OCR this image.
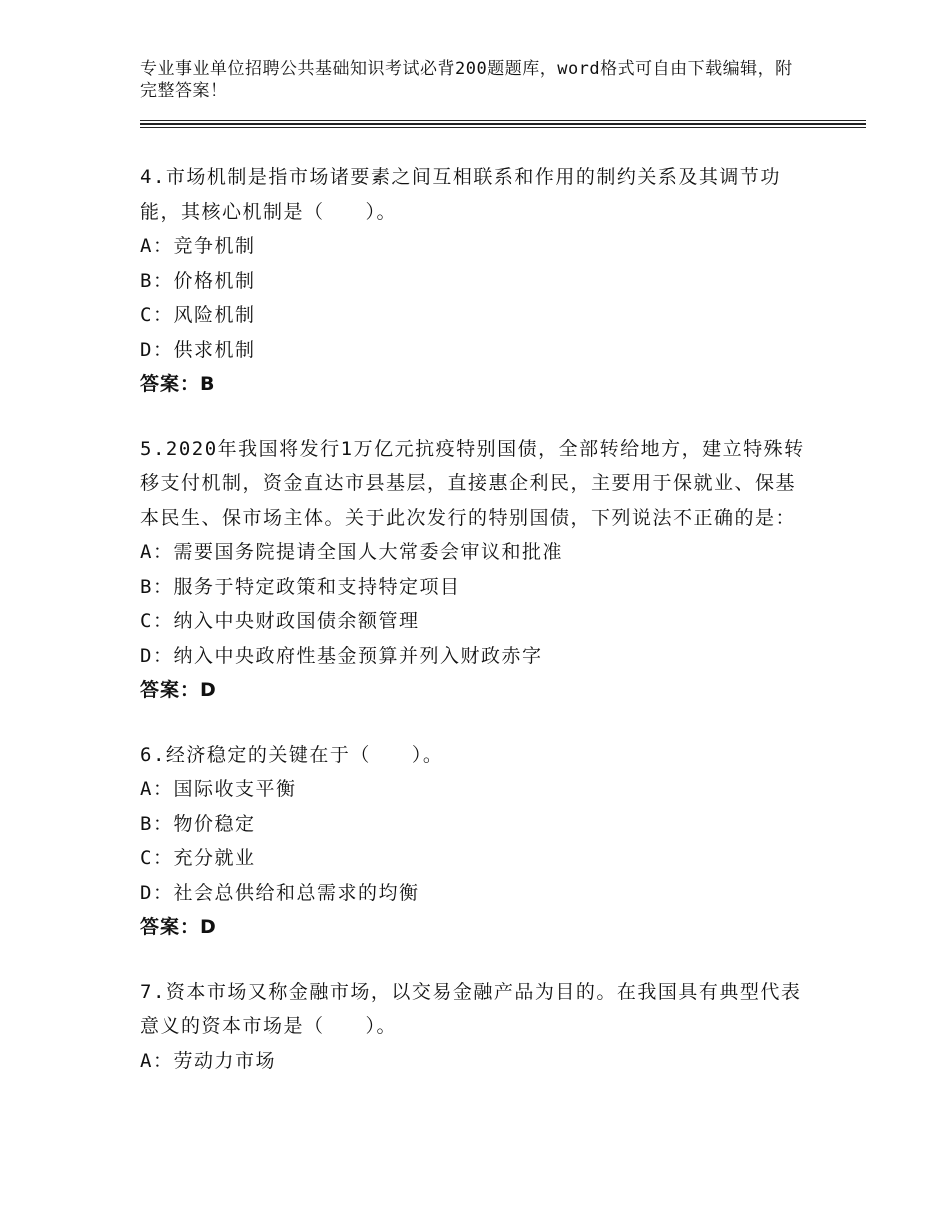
专业事业单位招聘公共基础知识考试必背200题题库，word格式可自由下载编辑，附完整答案！
4.市场机制是指市场诸要素之间互相联系和作用的制约关系及其调节功能，其核心机制是（　　）。
A：竞争机制
B：价格机制
C：风险机制
D：供求机制
答案：B
5.2020年我国将发行1万亿元抗疫特别国债，全部转给地方，建立特殊转移支付机制，资金直达市县基层，直接惠企利民，主要用于保就业、保基本民生、保市场主体。关于此次发行的特别国债，下列说法不正确的是：
A：需要国务院提请全国人大常委会审议和批准
B：服务于特定政策和支持特定项目
C：纳入中央财政国债余额管理
D：纳入中央政府性基金预算并列入财政赤字
答案：D
6.经济稳定的关键在于（　　）。
A：国际收支平衡
B：物价稳定
C：充分就业
D：社会总供给和总需求的均衡
答案：D
7.资本市场又称金融市场，以交易金融产品为目的。在我国具有典型代表意义的资本市场是（　　）。
A：劳动力市场
